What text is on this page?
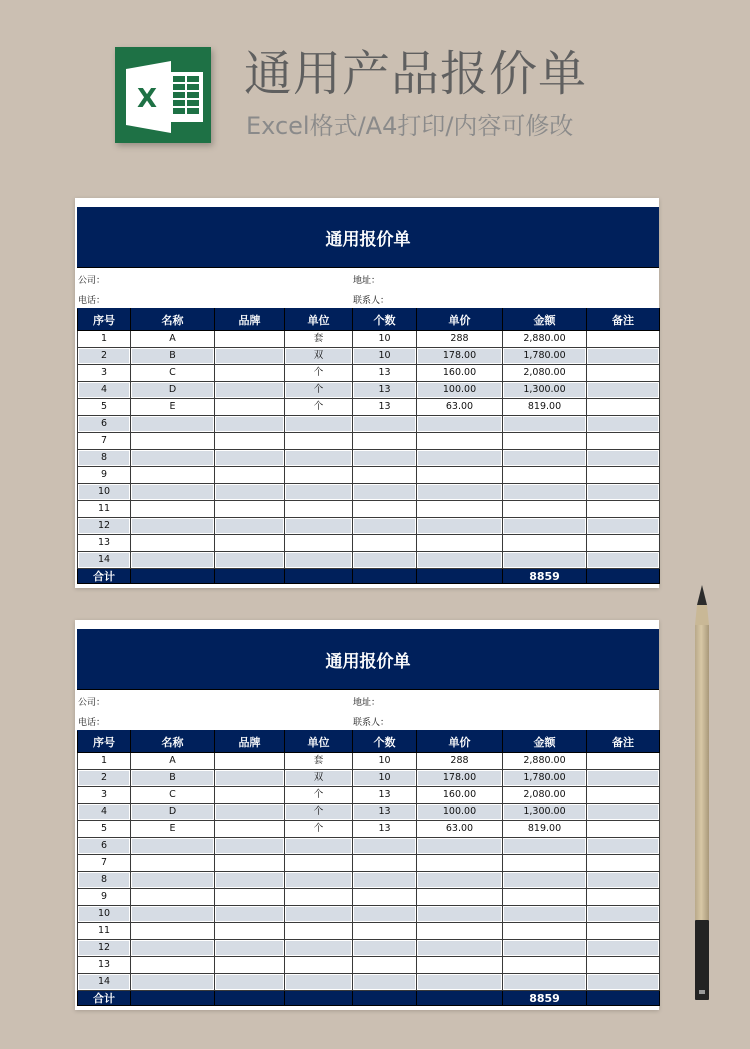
X 通用产品报价单
Excel格式/A4打印/内容可修改
通用报价单
公司：	地址：
电话：	联系人：
序号	名称	品牌	单位	个数	单价	金额	备注
1	A		套	10	288	2,880.00	
2	B		双	10	178.00	1,780.00	
3	C		个	13	160.00	2,080.00	
4	D		个	13	100.00	1,300.00	
5	E		个	13	63.00	819.00	
6							
7							
8							
9							
10							
11							
12							
13							
14							
合计						8859	
通用报价单
公司：	地址：
电话：	联系人：
序号	名称	品牌	单位	个数	单价	金额	备注
1	A		套	10	288	2,880.00	
2	B		双	10	178.00	1,780.00	
3	C		个	13	160.00	2,080.00	
4	D		个	13	100.00	1,300.00	
5	E		个	13	63.00	819.00	
6							
7							
8							
9							
10							
11							
12							
13							
14							
合计						8859	
